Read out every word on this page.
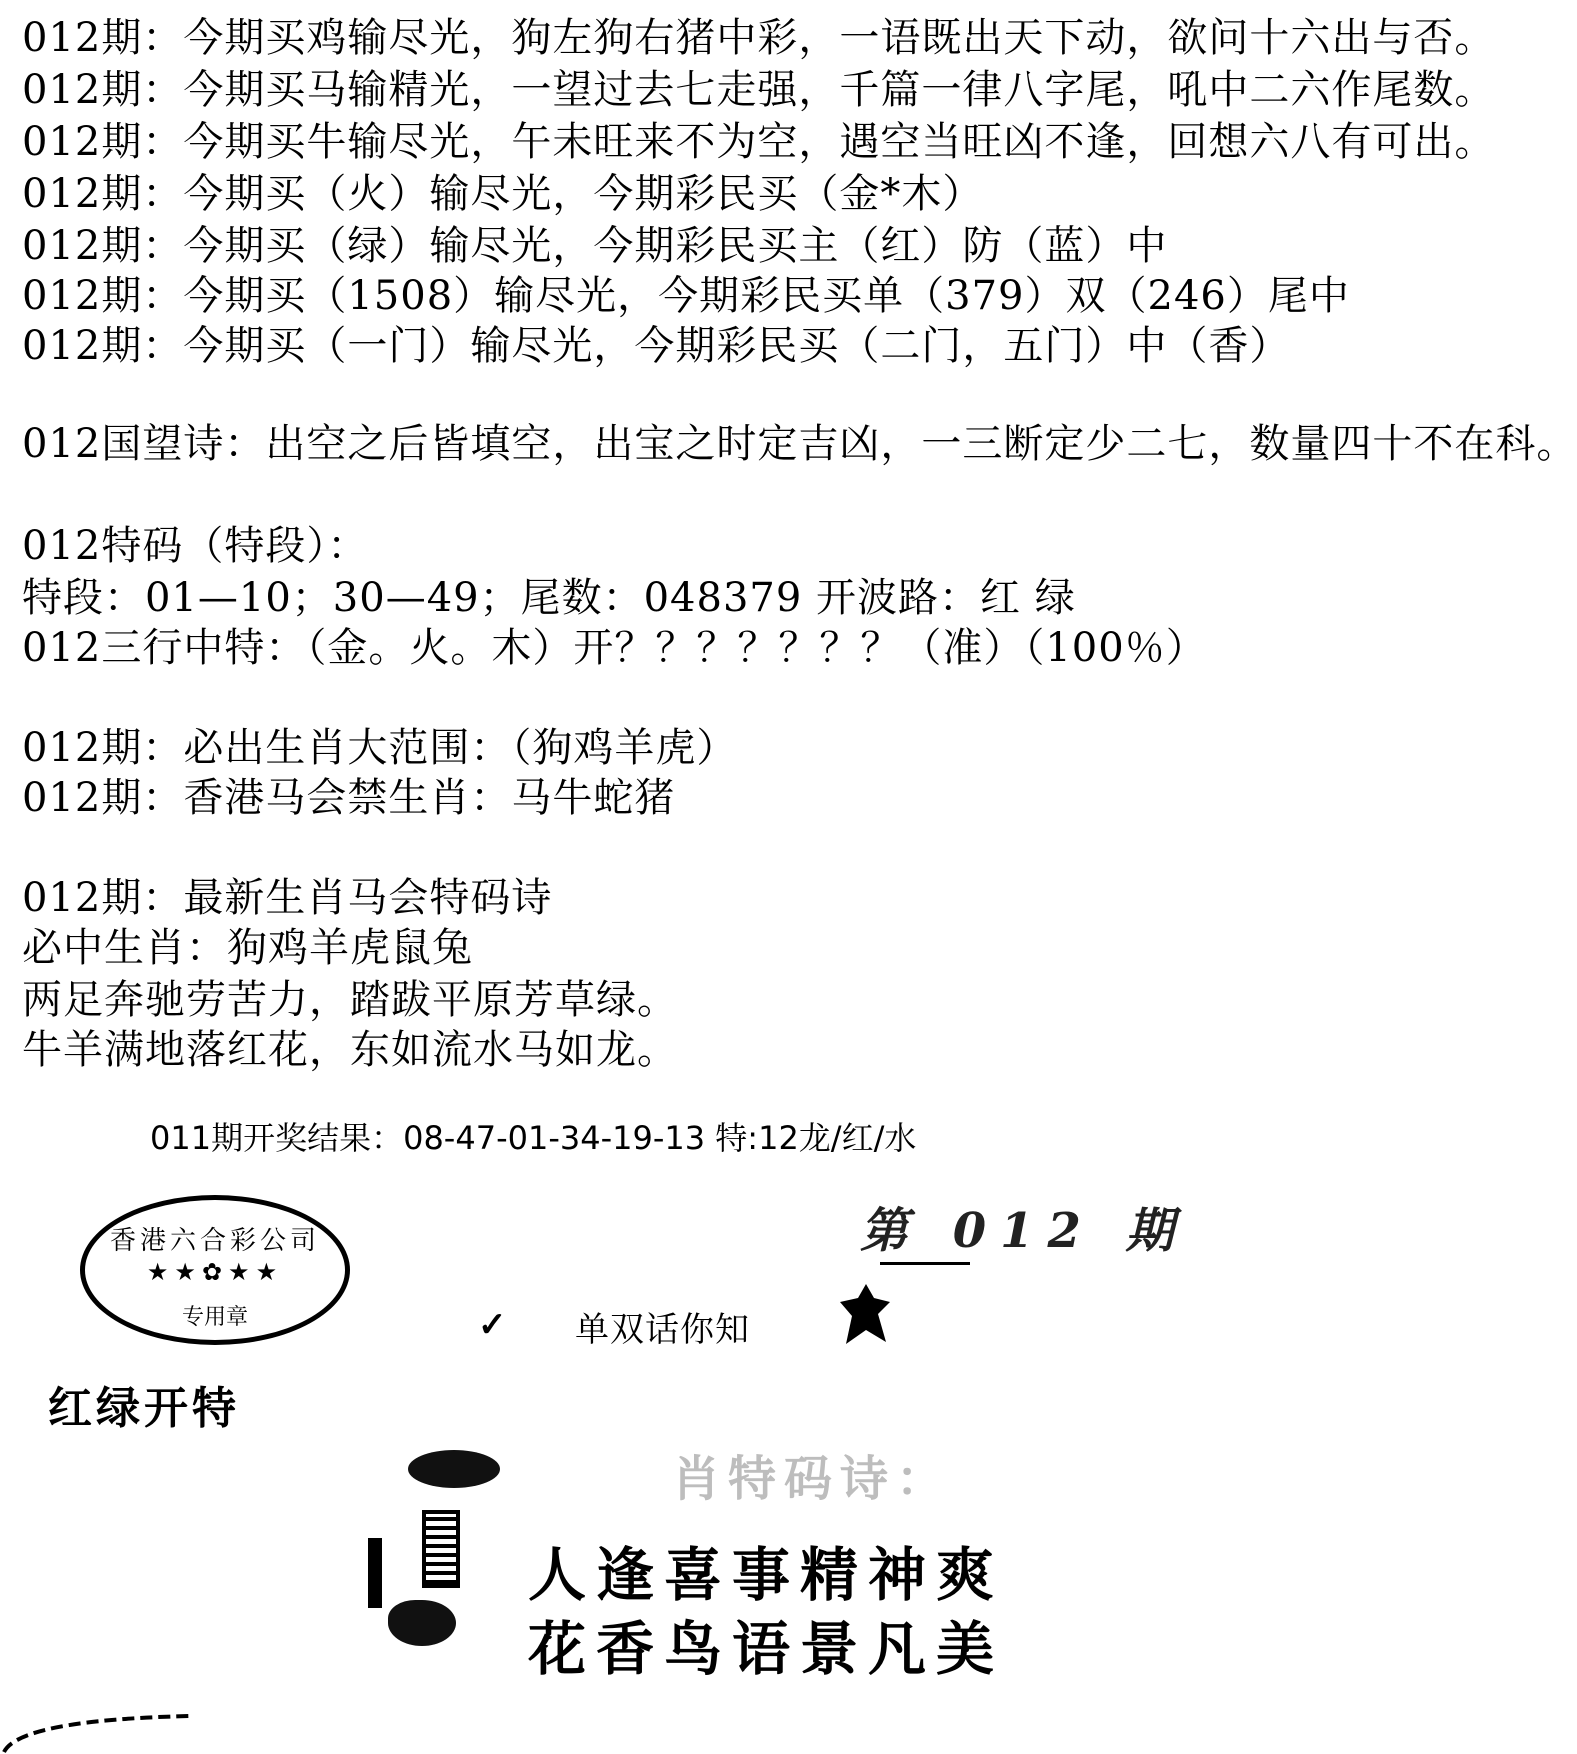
012期：今期买鸡输尽光，狗左狗右猪中彩，一语既出天下动，欲问十六出与否。
012期：今期买马输精光，一望过去七走强，千篇一律八字尾，吼中二六作尾数。
012期：今期买牛输尽光，午未旺来不为空，遇空当旺凶不逢，回想六八有可出。
012期：今期买（火）输尽光，今期彩民买（金*木）
012期：今期买（绿）输尽光，今期彩民买主（红）防（蓝）中
012期：今期买（1508）输尽光，今期彩民买单（379）双（246）尾中
012期：今期买（一门）输尽光，今期彩民买（二门，五门）中（香）
012国望诗：出空之后皆填空，出宝之时定吉凶，一三断定少二七，数量四十不在科。
012特码（特段）：
特段：01—10；30—49；尾数：048379 开波路：红 绿
012三行中特：（金。火。木）开？？？？？？？（准）（100％）
012期：必出生肖大范围：（狗鸡羊虎）
012期：香港马会禁生肖：马牛蛇猪
012期：最新生肖马会特码诗
必中生肖：狗鸡羊虎鼠兔
两足奔驰劳苦力，踏跋平原芳草绿。
牛羊满地落红花，东如流水马如龙。
011期开奖结果：08-47-01-34-19-13 特:12龙/红/水
香港六合彩公司
★★✿★★
专用章
第 012 期
✓ 单双话你知
红绿开特
肖特码诗：
人逢喜事精神爽
花香鸟语景凡美
